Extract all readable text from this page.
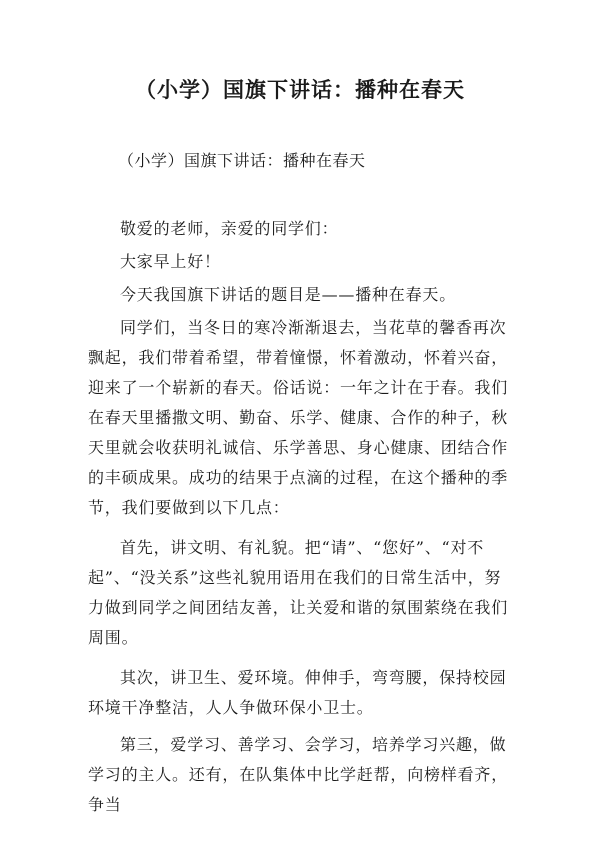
（小学）国旗下讲话：播种在春天
（小学）国旗下讲话：播种在春天

敬爱的老师，亲爱的同学们：

大家早上好！

今天我国旗下讲话的题目是——播种在春天。

同学们，当冬日的寒冷渐渐退去，当花草的馨香再次飘起，我们带着希望，带着憧憬，怀着激动，怀着兴奋，迎来了一个崭新的春天。俗话说：一年之计在于春。我们在春天里播撒文明、勤奋、乐学、健康、合作的种子，秋天里就会收获明礼诚信、乐学善思、身心健康、团结合作的丰硕成果。成功的结果于点滴的过程，在这个播种的季节，我们要做到以下几点：

首先，讲文明、有礼貌。把“请”、“您好”、“对不起”、“没关系”这些礼貌用语用在我们的日常生活中，努力做到同学之间团结友善，让关爱和谐的氛围萦绕在我们周围。

其次，讲卫生、爱环境。伸伸手，弯弯腰，保持校园环境干净整洁，人人争做环保小卫士。

第三，爱学习、善学习、会学习，培养学习兴趣，做学习的主人。还有，在队集体中比学赶帮，向榜样看齐，争当
